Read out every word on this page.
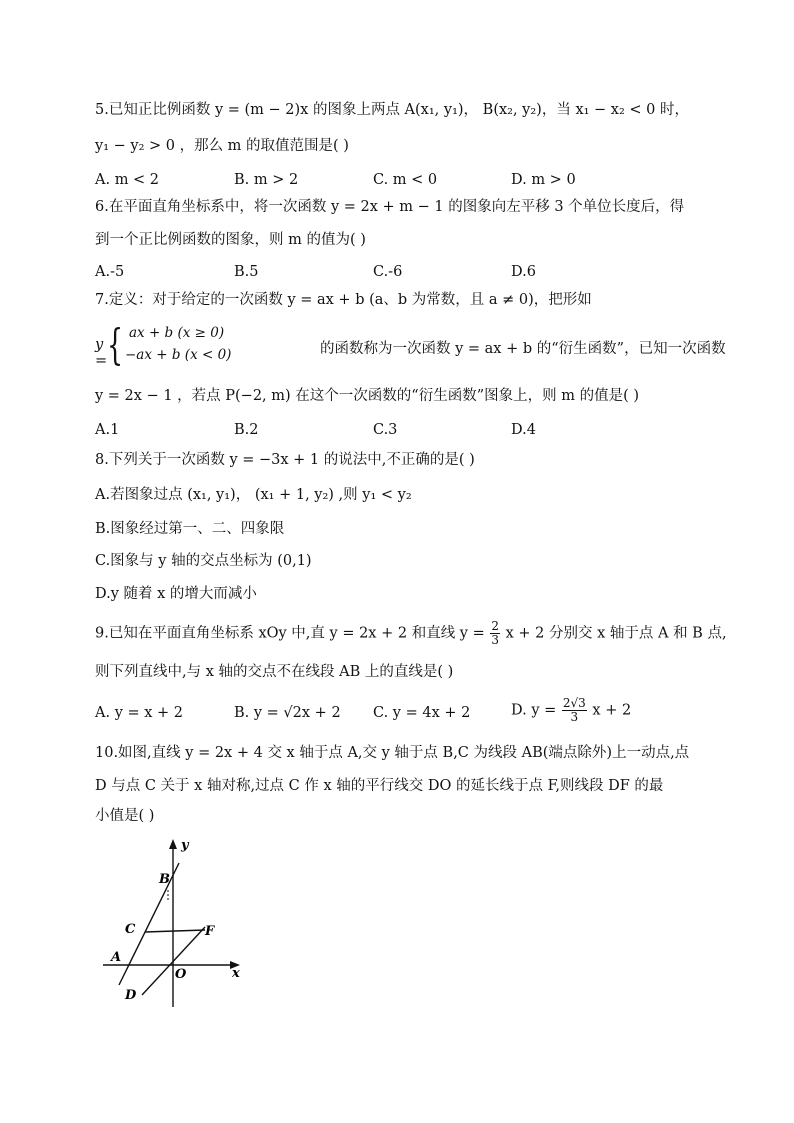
5.已知正比例函数 y = (m − 2)x 的图象上两点 A(x₁, y₁)， B(x₂, y₂)，当 x₁ − x₂ < 0 时，
y₁ − y₂ > 0 ，那么 m 的取值范围是( )
A. m < 2	B. m > 2	C. m < 0	D. m > 0
6.在平面直角坐标系中，将一次函数 y = 2x + m − 1 的图象向左平移 3 个单位长度后，得
到一个正比例函数的图象，则 m 的值为( )
A.-5	B.5	C.-6	D.6
7.定义：对于给定的一次函数 y = ax + b (a、b 为常数，且 a ≠ 0)，把形如
y = { ax + b (x ≥ 0)
−ax + b (x < 0)	的函数称为一次函数 y = ax + b 的“衍生函数”，已知一次函数
y = 2x − 1 ，若点 P(−2, m) 在这个一次函数的“衍生函数”图象上，则 m 的值是( )
A.1	B.2	C.3	D.4
8.下列关于一次函数 y = −3x + 1 的说法中,不正确的是( )
A.若图象过点 (x₁, y₁)， (x₁ + 1, y₂) ,则 y₁ < y₂
B.图象经过第一、二、四象限
C.图象与 y 轴的交点坐标为 (0,1)
D.y 随着 x 的增大而减小
9.已知在平面直角坐标系 xOy 中,直 y = 2x + 2 和直线 $y = \frac{2}{3}$ x + 2 分别交 x 轴于点 A 和 B 点,
则下列直线中,与 x 轴的交点不在线段 AB 上的直线是( )
A. y = x + 2	B. y = √2x + 2 C. y = 4x + 2	D. $y = \frac{2√3}{3}$ x + 2
10.如图,直线 y = 2x + 4 交 x 轴于点 A,交 y 轴于点 B,C 为线段 AB(端点除外)上一动点,点
D 与点 C 关于 x 轴对称,过点 C 作 x 轴的平行线交 DO 的延长线于点 F,则线段 DF 的最
小值是( )
y
B
C	F
A
O	x
D
